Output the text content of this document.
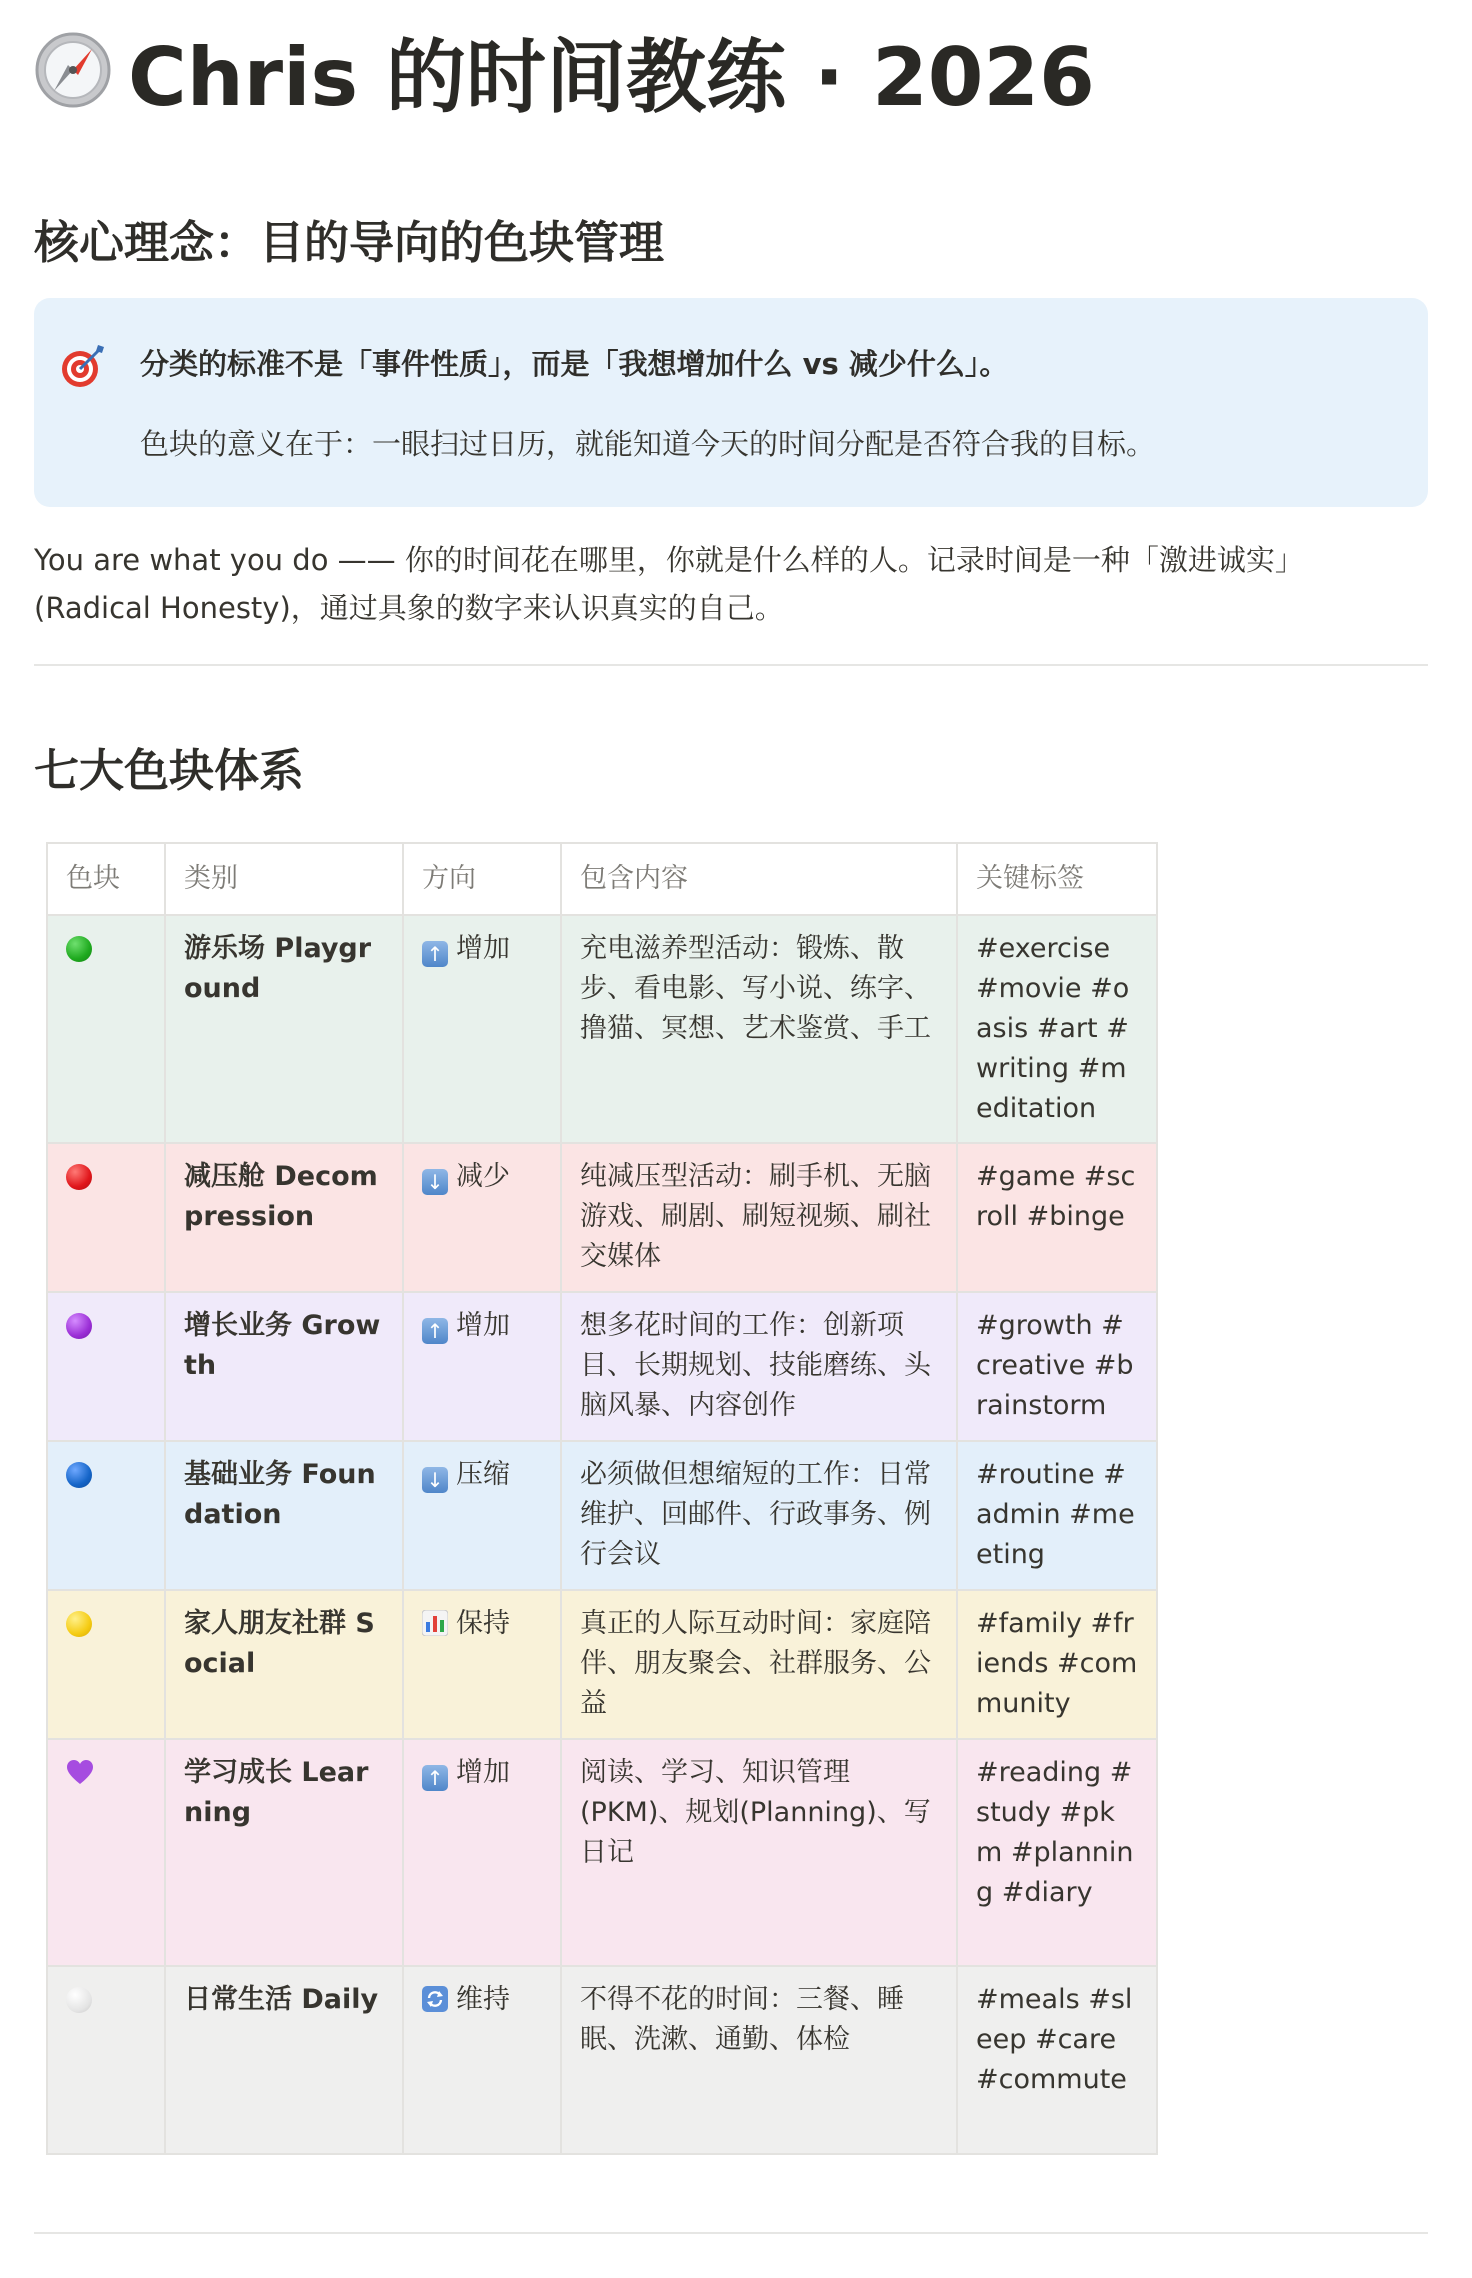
Chris 的时间教练 · 2026
核心理念：目的导向的色块管理
分类的标准不是「事件性质」，而是「我想增加什么 vs 减少什么」。
色块的意义在于：一眼扫过日历，就能知道今天的时间分配是否符合我的目标。

You are what you do —— 你的时间花在哪里，你就是什么样的人。记录时间是一种「激进诚实」

(Radical Honesty)，通过具象的数字来认识真实的自己。

七大色块体系
色块	类别	方向	包含内容	关键标签
	游乐场 Playground	↑ 增加	充电滋养型活动：锻炼、散步、看电影、写小说、练字、撸猫、冥想、艺术鉴赏、手工	#exercise #movie #oasis #art #writing #meditation
	减压舱 Decompression	↓ 减少	纯减压型活动：刷手机、无脑游戏、刷剧、刷短视频、刷社交媒体	#game #scroll #binge
	增长业务 Growth	↑ 增加	想多花时间的工作：创新项目、长期规划、技能磨练、头脑风暴、内容创作	#growth #creative #brainstorm
	基础业务 Foundation	↓ 压缩	必须做但想缩短的工作：日常维护、回邮件、行政事务、例行会议	#routine #admin #meeting
	家人朋友社群 Social	保持	真正的人际互动时间：家庭陪伴、朋友聚会、社群服务、公益	#family #friends #community
	学习成长 Learning	↑ 增加	阅读、学习、知识管理(PKM)、规划(Planning)、写日记	#reading #study #pkm #planning #diary
	日常生活 Daily	维持	不得不花的时间：三餐、睡眠、洗漱、通勤、体检	#meals #sleep #care #commute
